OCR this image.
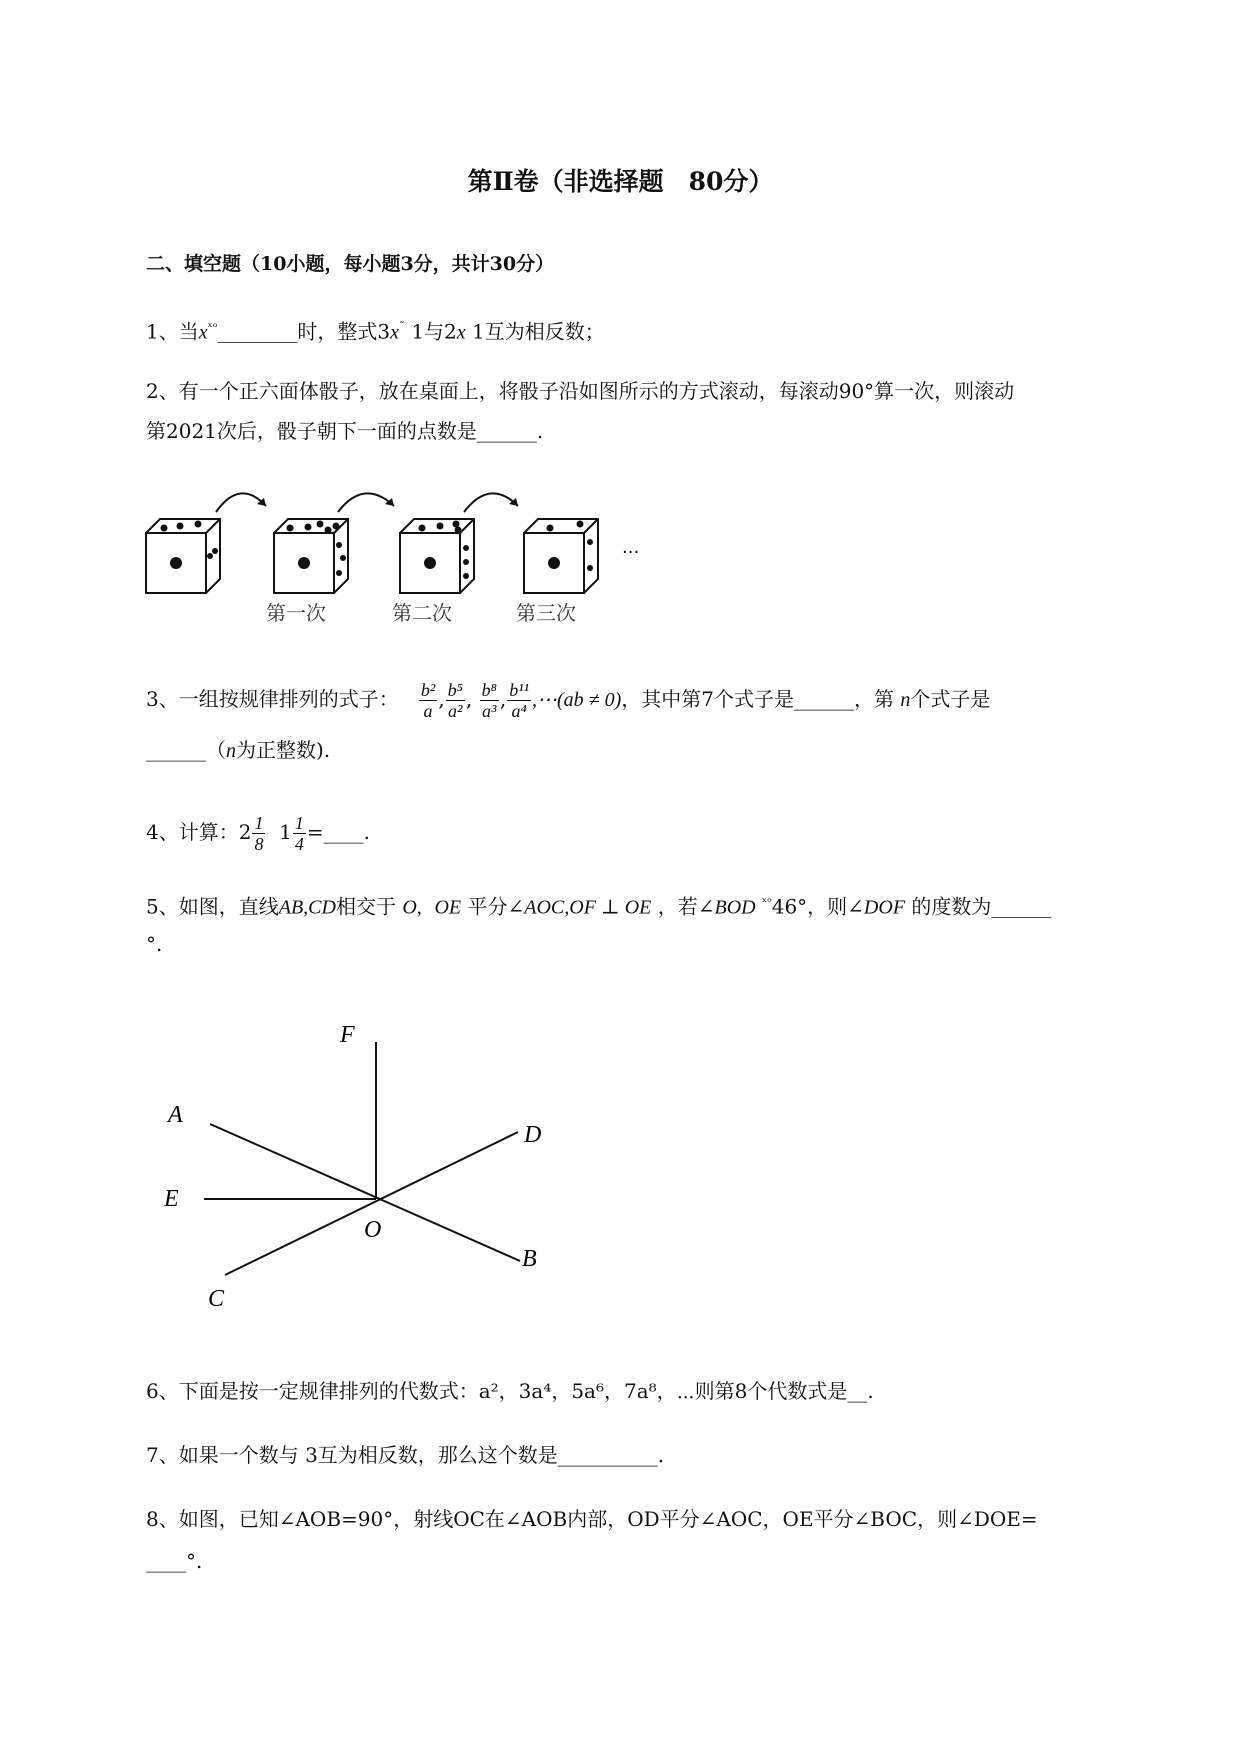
第Ⅱ卷（非选择题　80分）
二、填空题（10小题，每小题3分，共计30分）
1、当$x^{ˣᵒ}\_\_\_\_\_\_\_\_$时，整式3x˜ 1与2x 1互为相反数；
2、有一个正六面体骰子，放在桌面上，将骰子沿如图所示的方式滚动，每滚动90°算一次，则滚动
第2021次后，骰子朝下一面的点数是______.
···
第一次	第二次	第三次
3、一组按规律排列的式子： $\frac{\text{b²}}{a}$ , $\frac{\text{b⁵}}{\text{a²}}$ , $\frac{\text{b⁸}}{\text{a³}}$ , $\frac{\text{b¹¹}}{\text{a⁴}}$ ,⋯(ab ≠ 0)，其中第7个式子是______，第 n个式子是
______（n为正整数).
4、计算：$2 \frac{1}{8} 1 \frac{1}{4}$ =____.
5、如图，直线AB,CD相交于 O, OE 平分∠AOC,OF ⊥ OE ，若∠BOD $^{ˣᵒ}$46°，则∠DOF 的度数为______
°.
F
A
D
E
O
B
C
6、下面是按一定规律排列的代数式：a²，3a⁴，5a⁶，7a⁸，⋯则第8个代数式是__.
7、如果一个数与 3互为相反数，那么这个数是__________.
8、如图，已知∠AOB=90°，射线OC在∠AOB内部，OD平分∠AOC，OE平分∠BOC，则∠DOE=
____°.
